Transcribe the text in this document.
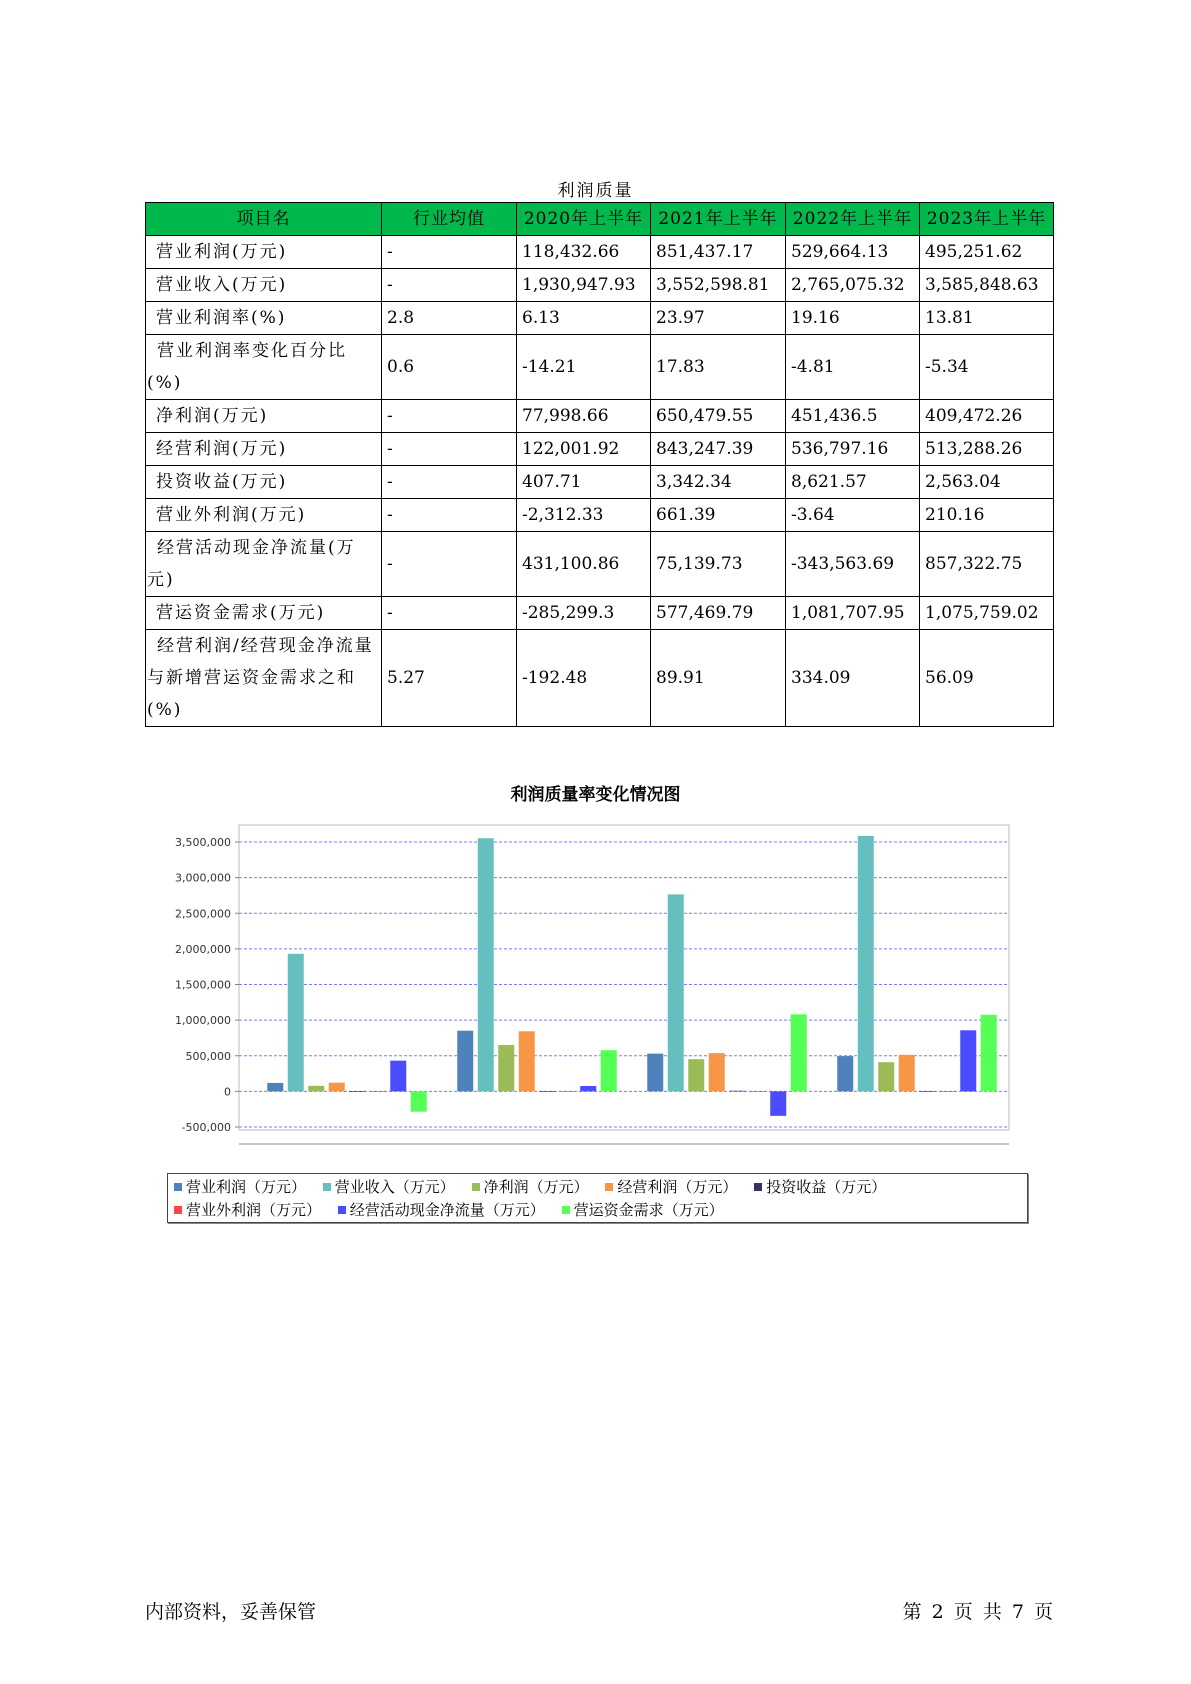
利润质量
项目名	行业均值	2020年上半年	2021年上半年	2022年上半年	2023年上半年
营业利润(万元)	-	118,432.66	851,437.17	529,664.13	495,251.62
营业收入(万元)	-	1,930,947.93	3,552,598.81	2,765,075.32	3,585,848.63
营业利润率(%)	2.8	6.13	23.97	19.16	13.81
营业利润率变化百分比(%)	0.6	-14.21	17.83	-4.81	-5.34
净利润(万元)	-	77,998.66	650,479.55	451,436.5	409,472.26
经营利润(万元)	-	122,001.92	843,247.39	536,797.16	513,288.26
投资收益(万元)	-	407.71	3,342.34	8,621.57	2,563.04
营业外利润(万元)	-	-2,312.33	661.39	-3.64	210.16
经营活动现金净流量(万元)	-	431,100.86	75,139.73	-343,563.69	857,322.75
营运资金需求(万元)	-	-285,299.3	577,469.79	1,081,707.95	1,075,759.02
经营利润/经营现金净流量与新增营运资金需求之和(%)	5.27	-192.48	89.91	334.09	56.09
利润质量率变化情况图
-500,000
0
500,000
1,000,000
1,500,000
2,000,000
2,500,000
3,000,000
3,500,000
营业利润（万元） 营业收入（万元） 净利润（万元） 经营利润（万元） 投资收益（万元）
营业外利润（万元） 经营活动现金净流量（万元） 营运资金需求（万元）
内部资料，妥善保管	第 2 页 共 7 页
